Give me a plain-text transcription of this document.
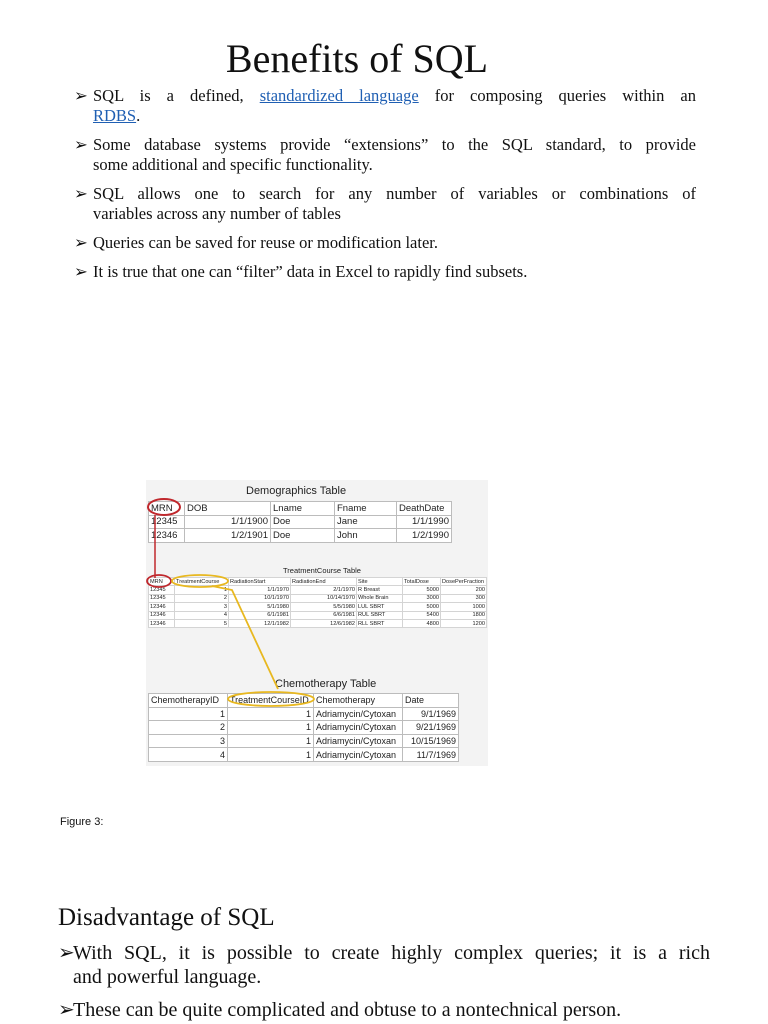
Benefits of SQL
➢ SQL is a defined, standardized language for composing queries within an
RDBS.
➢ Some database systems provide “extensions” to the SQL standard, to provide
some additional and specific functionality.
➢ SQL allows one to search for any number of variables or combinations of
variables across any number of tables
➢ Queries can be saved for reuse or modification later.
➢ It is true that one can “filter” data in Excel to rapidly find subsets.
Demographics Table
MRN	DOB	Lname	Fname	DeathDate
12345	1/1/1900	Doe	Jane	1/1/1990
12346	1/2/1901	Doe	John	1/2/1990
TreatmentCourse Table
MRN	TreatmentCourse	RadiationStart	RadiationEnd	Site	TotalDose	DosePerFraction
12345	1	1/1/1970	2/1/1970	R Breast	5000	200
12345	2	10/1/1970	10/14/1970	Whole Brain	3000	300
12346	3	5/1/1980	5/5/1980	LUL SBRT	5000	1000
12346	4	6/1/1981	6/6/1981	RUL SBRT	5400	1800
12346	5	12/1/1982	12/6/1982	RLL SBRT	4800	1200
Chemotherapy Table
ChemotherapyID	TreatmentCourseID	Chemotherapy	Date
1	1	Adriamycin/Cytoxan	9/1/1969
2	1	Adriamycin/Cytoxan	9/21/1969
3	1	Adriamycin/Cytoxan	10/15/1969
4	1	Adriamycin/Cytoxan	11/7/1969
Figure 3:
Disadvantage of SQL
➢
With SQL, it is possible to create highly complex queries; it is a rich
and powerful language.
➢
These can be quite complicated and obtuse to a nontechnical person.
